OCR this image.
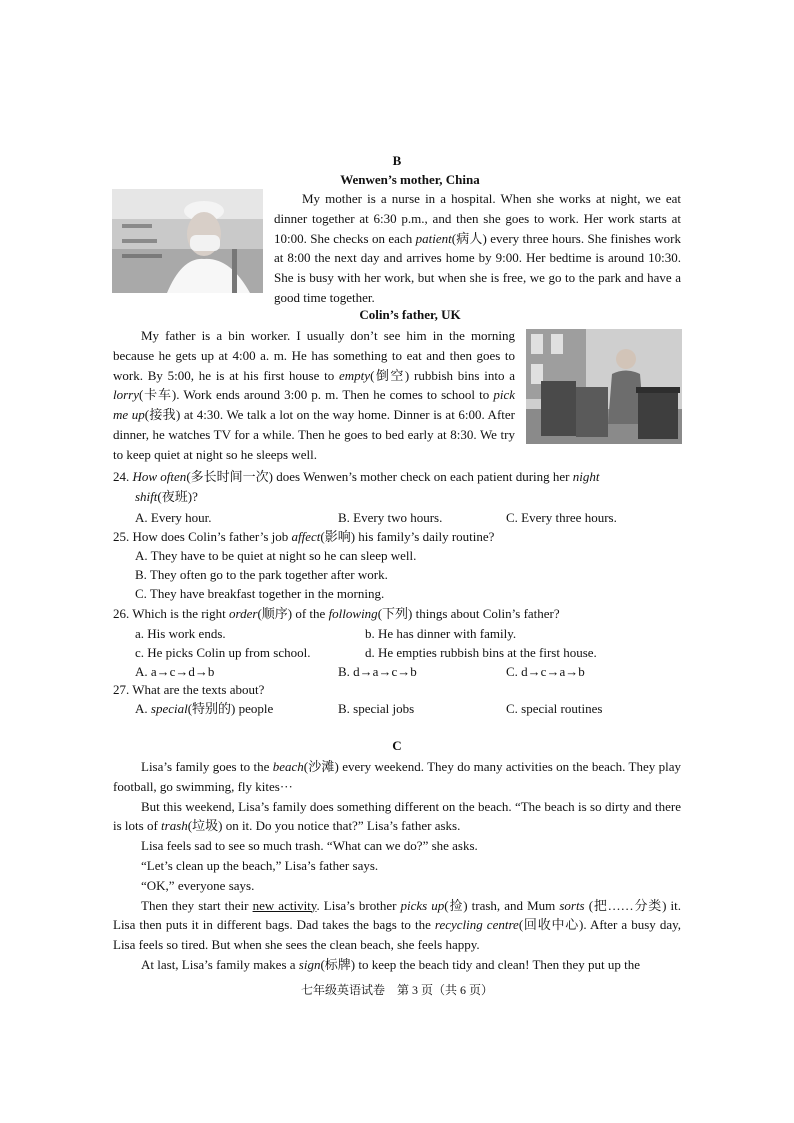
B
Wenwen’s mother, China

My mother is a nurse in a hospital. When she works at night, we eat dinner together at 6:30 p.m., and then she goes to work. Her work starts at 10:00. She checks on each patient(病人) every three hours. She finishes work at 8:00 the next day and arrives home by 9:00. Her bedtime is around 10:30. She is busy with her work, but when she is free, we go to the park and have a good time together.

Colin’s father, UK

My father is a bin worker. I usually don’t see him in the morning because he gets up at 4:00 a. m. He has something to eat and then goes to work. By 5:00, he is at his first house to empty(倒空) rubbish bins into a lorry(卡车). Work ends around 3:00 p. m. Then he comes to school to pick me up(接我) at 4:30. We talk a lot on the way home. Dinner is at 6:00. After dinner, he watches TV for a while. Then he goes to bed early at 8:30. We try to keep quiet at night so he sleeps well.

24. How often(多长时间一次) does Wenwen’s mother check on each patient during her night
shift(夜班)?
A. Every hour.	B. Every two hours.	C. Every three hours.
25. How does Colin’s father’s job affect(影响) his family’s daily routine?
A. They have to be quiet at night so he can sleep well.
B. They often go to the park together after work.
C. They have breakfast together in the morning.
26. Which is the right order(顺序) of the following(下列) things about Colin’s father?
a. His work ends.	b. He has dinner with family.
c. He picks Colin up from school.	d. He empties rubbish bins at the first house.
A. a→c→d→b	B. d→a→c→b	C. d→c→a→b
27. What are the texts about?
A. special(特别的) people	B. special jobs	C. special routines
C

Lisa’s family goes to the beach(沙滩) every weekend. They do many activities on the beach. They play football, go swimming, fly kites···

But this weekend, Lisa’s family does something different on the beach. “The beach is so dirty and there is lots of trash(垃圾) on it. Do you notice that?” Lisa’s father asks.

Lisa feels sad to see so much trash. “What can we do?” she asks.

“Let’s clean up the beach,” Lisa’s father says.

“OK,” everyone says.

Then they start their new activity. Lisa’s brother picks up(捡) trash, and Mum sorts (把……分类) it. Lisa then puts it in different bags. Dad takes the bags to the recycling centre(回收中心). After a busy day, Lisa feels so tired. But when she sees the clean beach, she feels happy.

At last, Lisa’s family makes a sign(标牌) to keep the beach tidy and clean! Then they put up the

七年级英语试卷　第 3 页（共 6 页）
